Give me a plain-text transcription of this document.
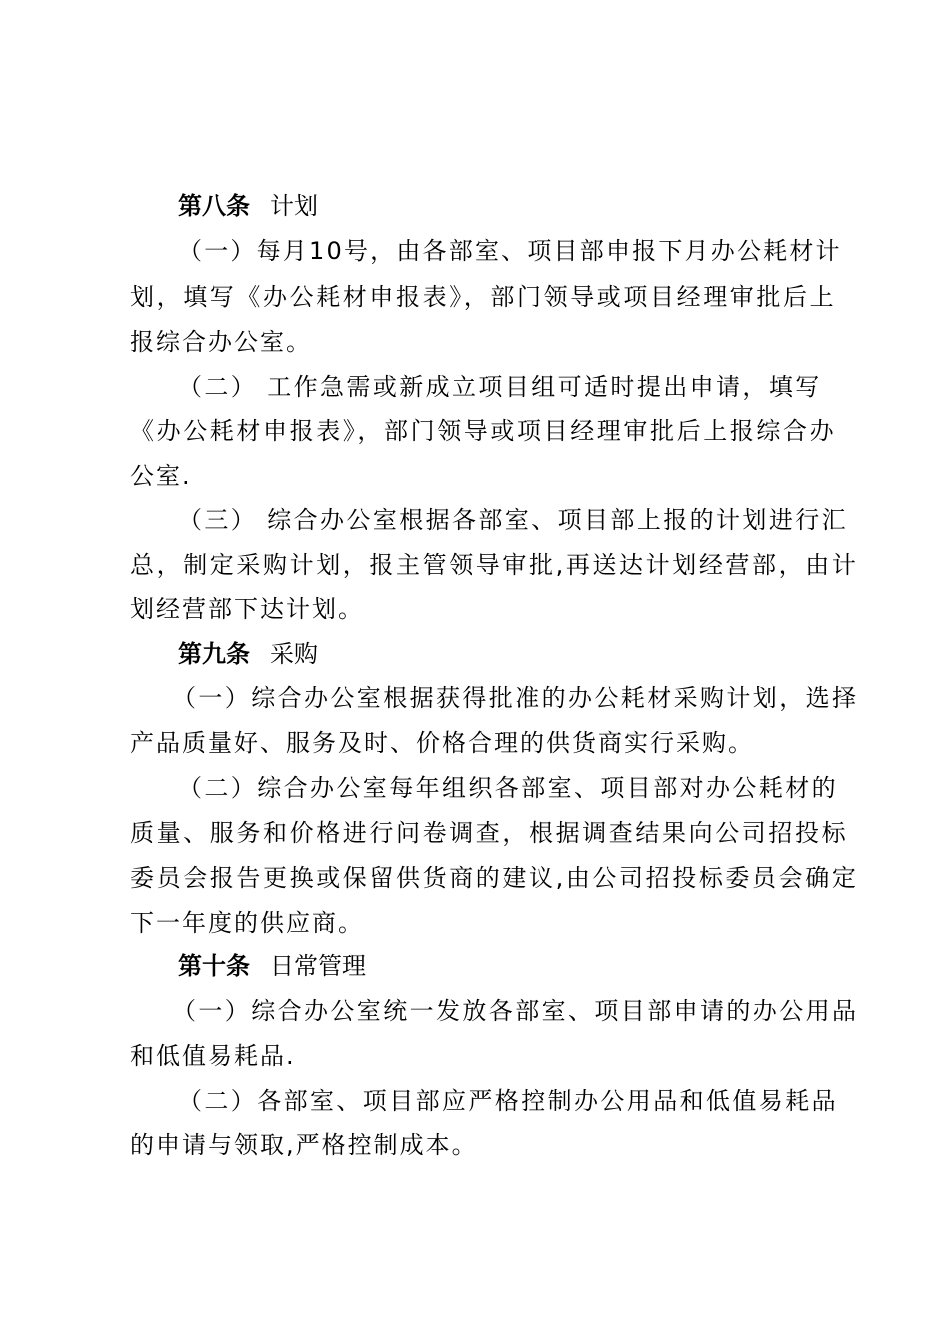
第八条

计划

（一）每月10号，由各部室、项目部申报下月办公耗材计

划，填写《办公耗材申报表》，部门领导或项目经理审批后上

报综合办公室。

（二） 工作急需或新成立项目组可适时提出申请，填写

《办公耗材申报表》，部门领导或项目经理审批后上报综合办

公室.

（三） 综合办公室根据各部室、项目部上报的计划进行汇

总，制定采购计划，报主管领导审批,再送达计划经营部，由计

划经营部下达计划。

第九条

采购

（一）综合办公室根据获得批准的办公耗材采购计划，选择

产品质量好、服务及时、价格合理的供货商实行采购。

（二）综合办公室每年组织各部室、项目部对办公耗材的

质量、服务和价格进行问卷调查，根据调查结果向公司招投标

委员会报告更换或保留供货商的建议,由公司招投标委员会确定

下一年度的供应商。

第十条

日常管理

（一）综合办公室统一发放各部室、项目部申请的办公用品

和低值易耗品.

（二）各部室、项目部应严格控制办公用品和低值易耗品

的申请与领取,严格控制成本。
